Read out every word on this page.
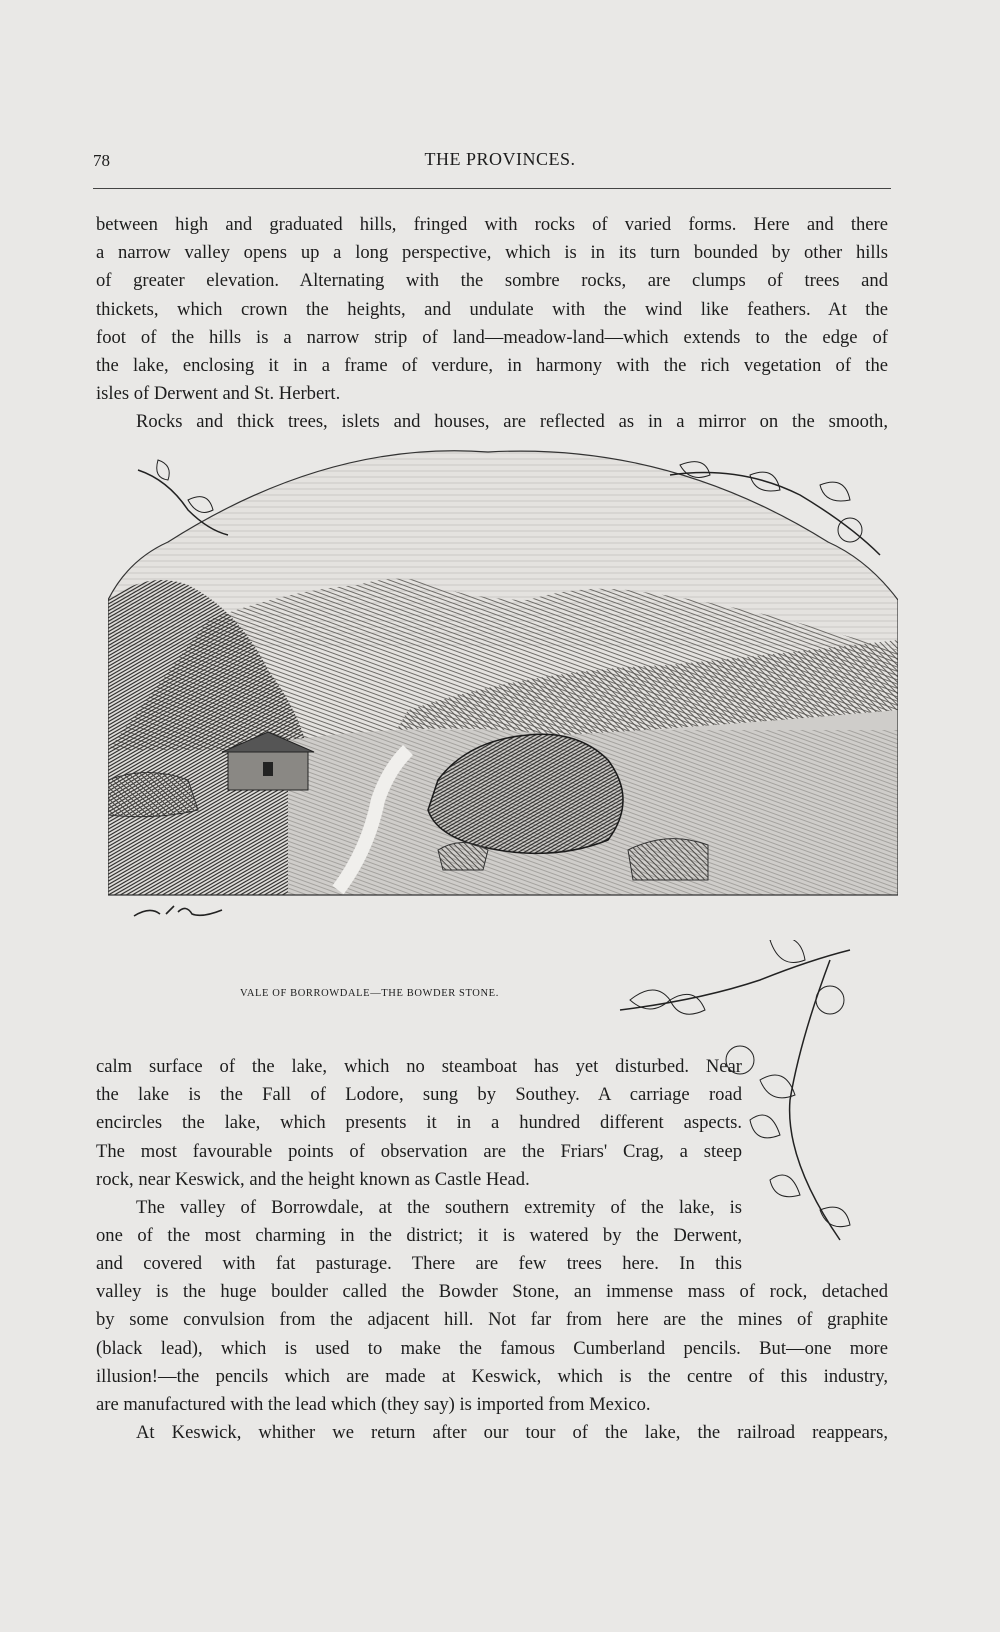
78	THE PROVINCES.
between high and graduated hills, fringed with rocks of varied forms. Here and there
a narrow valley opens up a long perspective, which is in its turn bounded by other hills
of greater elevation. Alternating with the sombre rocks, are clumps of trees and
thickets, which crown the heights, and undulate with the wind like feathers. At the
foot of the hills is a narrow strip of land—meadow-land—which extends to the edge of
the lake, enclosing it in a frame of verdure, in harmony with the rich vegetation of the
isles of Derwent and St. Herbert.
Rocks and thick trees, islets and houses, are reflected as in a mirror on the smooth,
VALE OF BORROWDALE—THE BOWDER STONE.
calm surface of the lake, which no steamboat has yet disturbed. Near
the lake is the Fall of Lodore, sung by Southey. A carriage road
encircles the lake, which presents it in a hundred different aspects.
The most favourable points of observation are the Friars' Crag, a steep
rock, near Keswick, and the height known as Castle Head.
The valley of Borrowdale, at the southern extremity of the lake, is
one of the most charming in the district; it is watered by the Derwent,
and covered with fat pasturage. There are few trees here. In this
valley is the huge boulder called the Bowder Stone, an immense mass of rock, detached
by some convulsion from the adjacent hill. Not far from here are the mines of graphite
(black lead), which is used to make the famous Cumberland pencils. But—one more
illusion!—the pencils which are made at Keswick, which is the centre of this industry,
are manufactured with the lead which (they say) is imported from Mexico.
At Keswick, whither we return after our tour of the lake, the railroad reappears,
